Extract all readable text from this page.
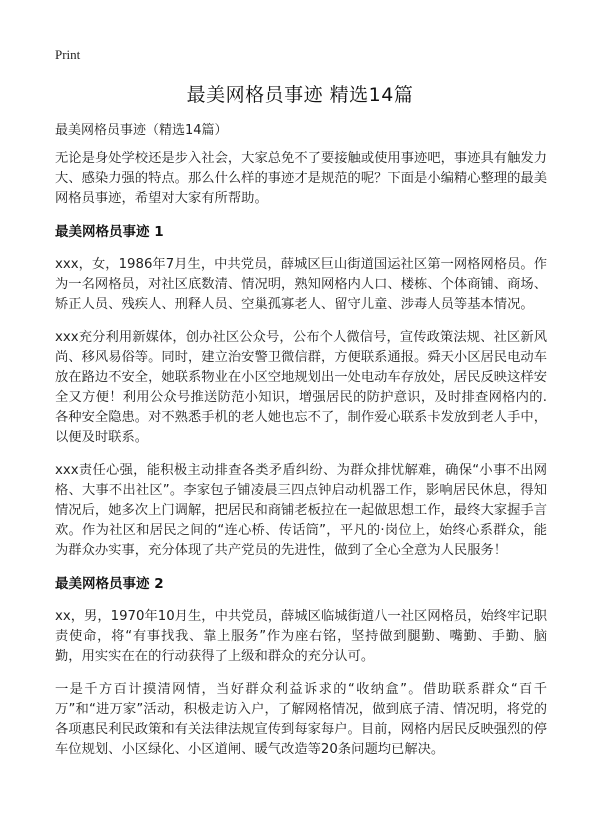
Print
最美网格员事迹 精选14篇
最美网格员事迹（精选14篇）

无论是身处学校还是步入社会，大家总免不了要接触或使用事迹吧，事迹具有触发力大、感染力强的特点。那么什么样的事迹才是规范的呢？下面是小编精心整理的最美网格员事迹，希望对大家有所帮助。

最美网格员事迹 1

xxx，女，1986年7月生，中共党员，薛城区巨山街道国运社区第一网格网格员。作为一名网格员，对社区底数清、情况明，熟知网格内人口、楼栋、个体商铺、商场、矫正人员、残疾人、刑释人员、空巢孤寡老人、留守儿童、涉毒人员等基本情况。

xxx充分利用新媒体，创办社区公众号，公布个人微信号，宣传政策法规、社区新风尚、移风易俗等。同时，建立治安警卫微信群，方便联系通报。舜天小区居民电动车放在路边不安全，她联系物业在小区空地规划出一处电动车存放处，居民反映这样安全又方便！利用公众号推送防范小知识，增强居民的防护意识，及时排查网格内的.各种安全隐患。对不熟悉手机的老人她也忘不了，制作爱心联系卡发放到老人手中，以便及时联系。

xxx责任心强，能积极主动排查各类矛盾纠纷、为群众排忧解难，确保“小事不出网格、大事不出社区”。李家包子铺凌晨三四点钟启动机器工作，影响居民休息，得知情况后，她多次上门调解，把居民和商铺老板拉在一起做思想工作，最终大家握手言欢。作为社区和居民之间的“连心桥、传话筒”，平凡的·岗位上，始终心系群众，能为群众办实事，充分体现了共产党员的先进性，做到了全心全意为人民服务！

最美网格员事迹 2

xx，男，1970年10月生，中共党员，薛城区临城街道八一社区网格员，始终牢记职责使命，将“有事找我、靠上服务”作为座右铭，坚持做到腿勤、嘴勤、手勤、脑勤，用实实在在的行动获得了上级和群众的充分认可。

一是千方百计摸清网情，当好群众利益诉求的“收纳盒”。借助联系群众“百千万”和“进万家”活动，积极走访入户，了解网格情况，做到底子清、情况明，将党的各项惠民利民政策和有关法律法规宣传到每家每户。目前，网格内居民反映强烈的停车位规划、小区绿化、小区道闸、暖气改造等20条问题均已解决。
